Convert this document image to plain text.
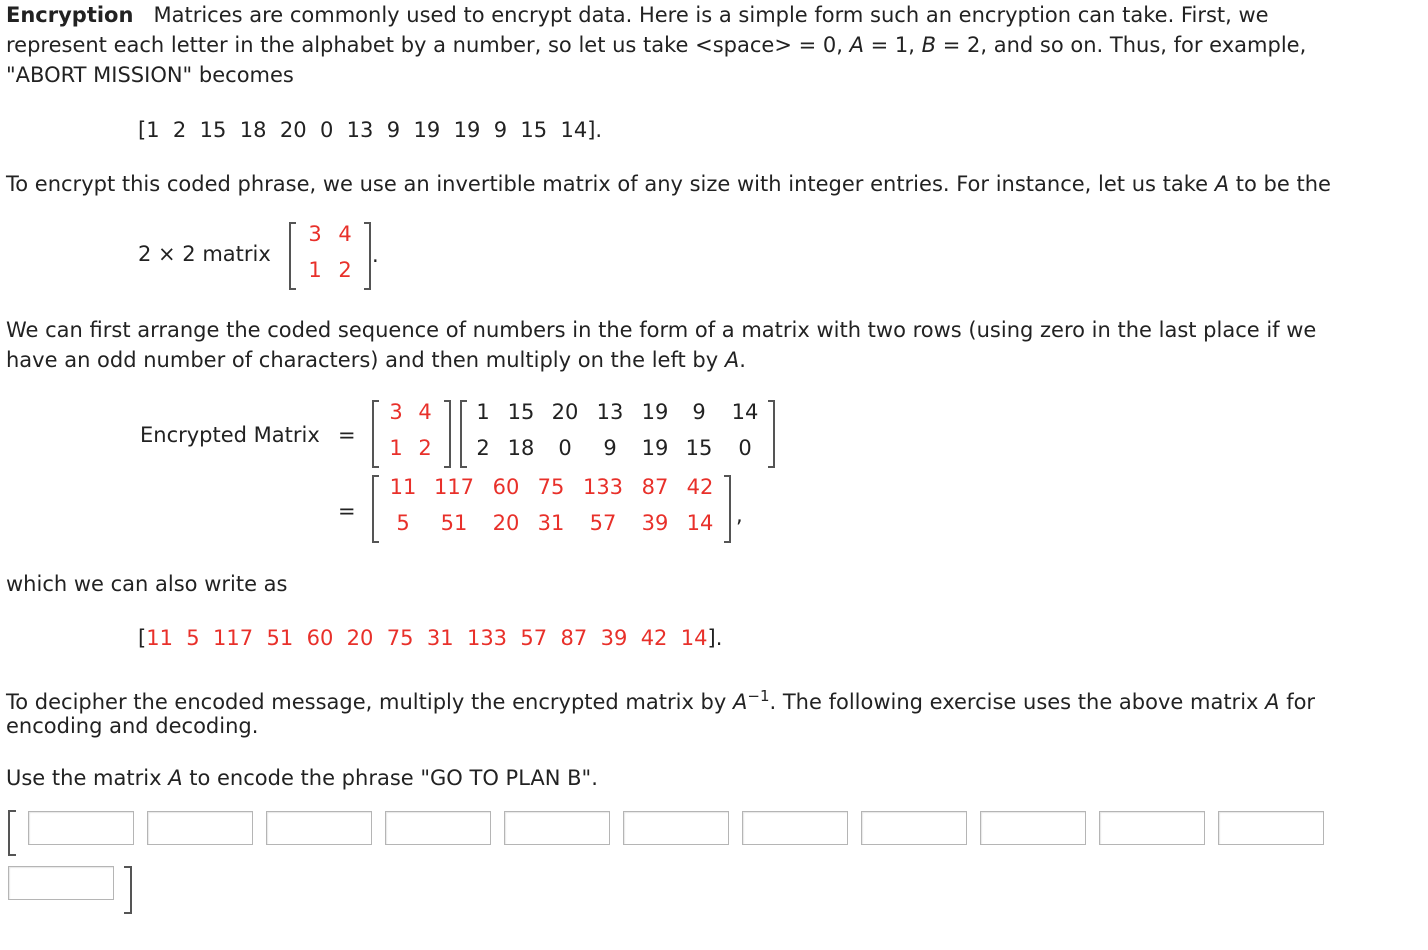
Encryption Matrices are commonly used to encrypt data. Here is a simple form such an encryption can take. First, we
represent each letter in the alphabet by a number, so let us take <space> = 0, A = 1, B = 2, and so on. Thus, for example,
"ABORT MISSION" becomes
[1 2 15 18 20 0 13 9 19 19 9 15 14].
To encrypt this coded phrase, we use an invertible matrix of any size with integer entries. For instance, let us take A to be the
2 × 2 matrix
3 4
1 2
.
We can first arrange the coded sequence of numbers in the form of a matrix with two rows (using zero in the last place if we
have an odd number of characters) and then multiply on the left by A.
Encrypted Matrix =
=
3 4
1 2
1 15 20 13 19 9 14
2 18	0	9	19 15 0
11 117 60 75 133 87 42
5	51	20 31	57	39 14 ,
which we can also write as
[11 5 117 51 60 20 75 31 133 57 87 39 42 14].
To decipher the encoded message, multiply the encrypted matrix by $A^{-1}$. The following exercise uses the above matrix A for
encoding and decoding.
Use the matrix A to encode the phrase "GO TO PLAN B".
